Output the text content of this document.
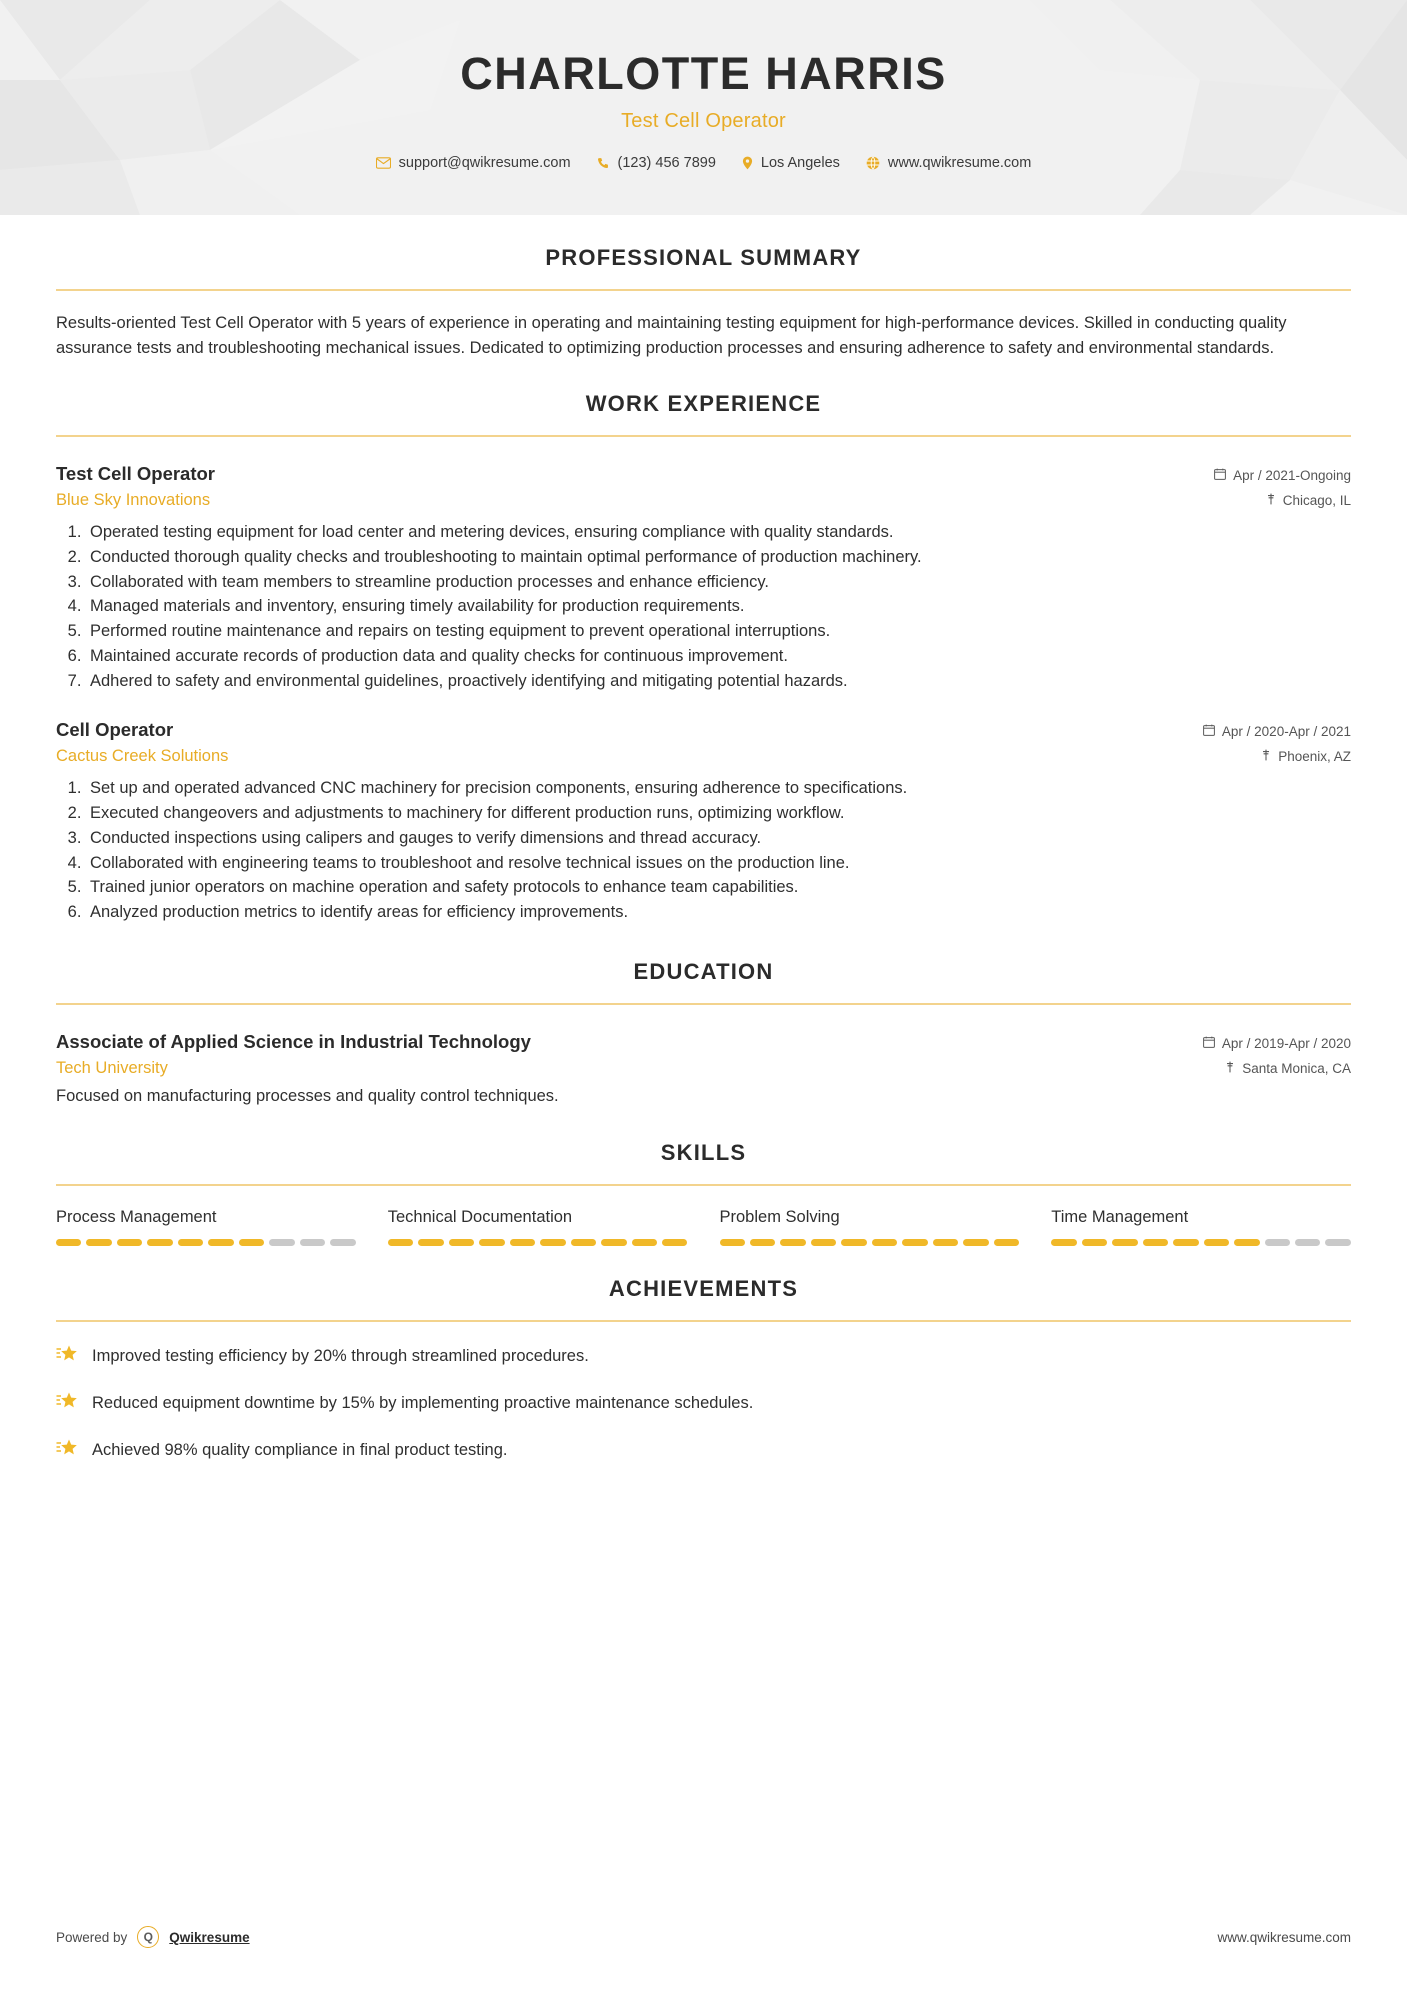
CHARLOTTE HARRIS
Test Cell Operator
support@qwikresume.com	(123) 456 7899	Los Angeles	www.qwikresume.com
PROFESSIONAL SUMMARY

Results-oriented Test Cell Operator with 5 years of experience in operating and maintaining testing equipment for high-performance devices. Skilled in conducting quality assurance tests and troubleshooting mechanical issues. Dedicated to optimizing production processes and ensuring adherence to safety and environmental standards.

WORK EXPERIENCE
Test Cell Operator	Apr / 2021-Ongoing
Blue Sky Innovations	Chicago, IL
1. Operated testing equipment for load center and metering devices, ensuring compliance with quality standards.
2. Conducted thorough quality checks and troubleshooting to maintain optimal performance of production machinery.
3. Collaborated with team members to streamline production processes and enhance efficiency.
4. Managed materials and inventory, ensuring timely availability for production requirements.
5. Performed routine maintenance and repairs on testing equipment to prevent operational interruptions.
6. Maintained accurate records of production data and quality checks for continuous improvement.
7. Adhered to safety and environmental guidelines, proactively identifying and mitigating potential hazards.
Cell Operator	Apr / 2020-Apr / 2021
Cactus Creek Solutions	Phoenix, AZ
1. Set up and operated advanced CNC machinery for precision components, ensuring adherence to specifications.
2. Executed changeovers and adjustments to machinery for different production runs, optimizing workflow.
3. Conducted inspections using calipers and gauges to verify dimensions and thread accuracy.
4. Collaborated with engineering teams to troubleshoot and resolve technical issues on the production line.
5. Trained junior operators on machine operation and safety protocols to enhance team capabilities.
6. Analyzed production metrics to identify areas for efficiency improvements.
EDUCATION
Associate of Applied Science in Industrial Technology	Apr / 2019-Apr / 2020
Tech University	Santa Monica, CA
Focused on manufacturing processes and quality control techniques.
SKILLS
Process Management	Technical Documentation	Problem Solving	Time Management
ACHIEVEMENTS
Improved testing efficiency by 20% through streamlined procedures.
Reduced equipment downtime by 15% by implementing proactive maintenance schedules.
Achieved 98% quality compliance in final product testing.
Powered by	Q	Qwikresume	www.qwikresume.com
